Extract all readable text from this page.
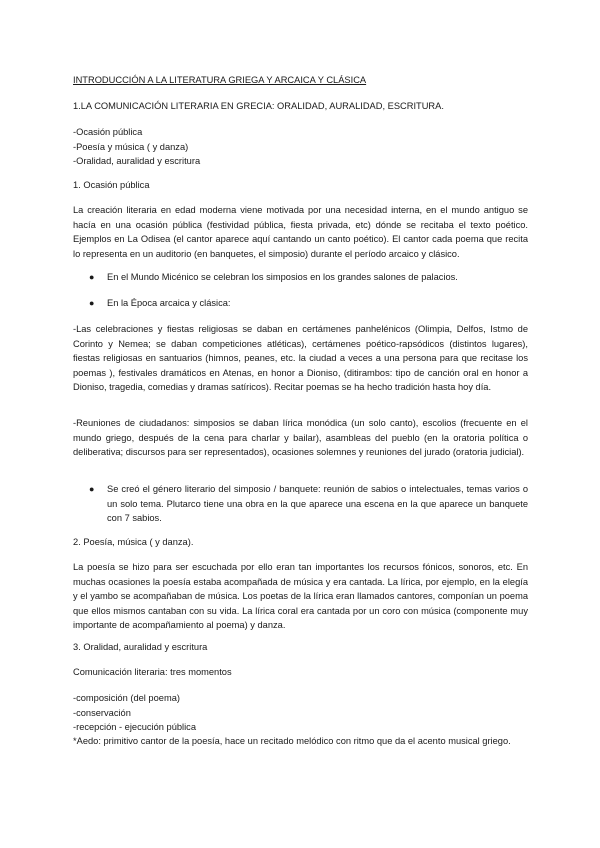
INTRODUCCIÓN A LA LITERATURA GRIEGA Y ARCAICA Y CLÁSICA

1.LA COMUNICACIÓN LITERARIA EN GRECIA: ORALIDAD, AURALIDAD, ESCRITURA.

-Ocasión pública
-Poesía y música ( y danza)
-Oralidad, auralidad y escritura

1. Ocasión pública

La creación literaria en edad moderna viene motivada por una necesidad interna, en el mundo antiguo se hacía en una ocasión pública (festividad pública, fiesta privada, etc) dónde se recitaba el texto poético. Ejemplos en La Odisea (el cantor aparece aquí cantando un canto poético). El cantor cada poema que recita lo representa en un auditorio (en banquetes, el simposio) durante el período arcaico y clásico.

●	En el Mundo Micénico se celebran los simposios en los grandes salones de palacios.
●	En la Época arcaica y clásica:

-Las celebraciones y fiestas religiosas se daban en certámenes panhelénicos (Olimpia, Delfos, Istmo de Corinto y Nemea; se daban competiciones atléticas), certámenes poético-rapsódicos (distintos lugares), fiestas religiosas en santuarios (himnos, peanes, etc. la ciudad a veces a una persona para que recitase los poemas ), festivales dramáticos en Atenas, en honor a Dioniso, (ditirambos: tipo de canción oral en honor a Dioniso, tragedia, comedias y dramas satíricos). Recitar poemas se ha hecho tradición hasta hoy día.

-Reuniones de ciudadanos: simposios se daban lírica monódica (un solo canto), escolios (frecuente en el mundo griego, después de la cena para charlar y bailar), asambleas del pueblo (en la oratoria política o deliberativa; discursos para ser representados), ocasiones solemnes y reuniones del jurado (oratoria judicial).

●	Se creó el género literario del simposio / banquete: reunión de sabios o intelectuales, temas varios o un solo tema. Plutarco tiene una obra en la que aparece una escena en la que aparece un banquete con 7 sabios.

2. Poesía, música ( y danza).

La poesía se hizo para ser escuchada por ello eran tan importantes los recursos fónicos, sonoros, etc. En muchas ocasiones la poesía estaba acompañada de música y era cantada. La lírica, por ejemplo, en la elegía y el yambo se acompañaban de música. Los poetas de la lírica eran llamados cantores, componían un poema que ellos mismos cantaban con su vida. La lírica coral era cantada por un coro con música (componente muy importante de acompañamiento al poema) y danza.

3. Oralidad, auralidad y escritura

Comunicación literaria: tres momentos

-composición (del poema)
-conservación
-recepción - ejecución pública

*Aedo: primitivo cantor de la poesía, hace un recitado melódico con ritmo que da el acento musical griego.
